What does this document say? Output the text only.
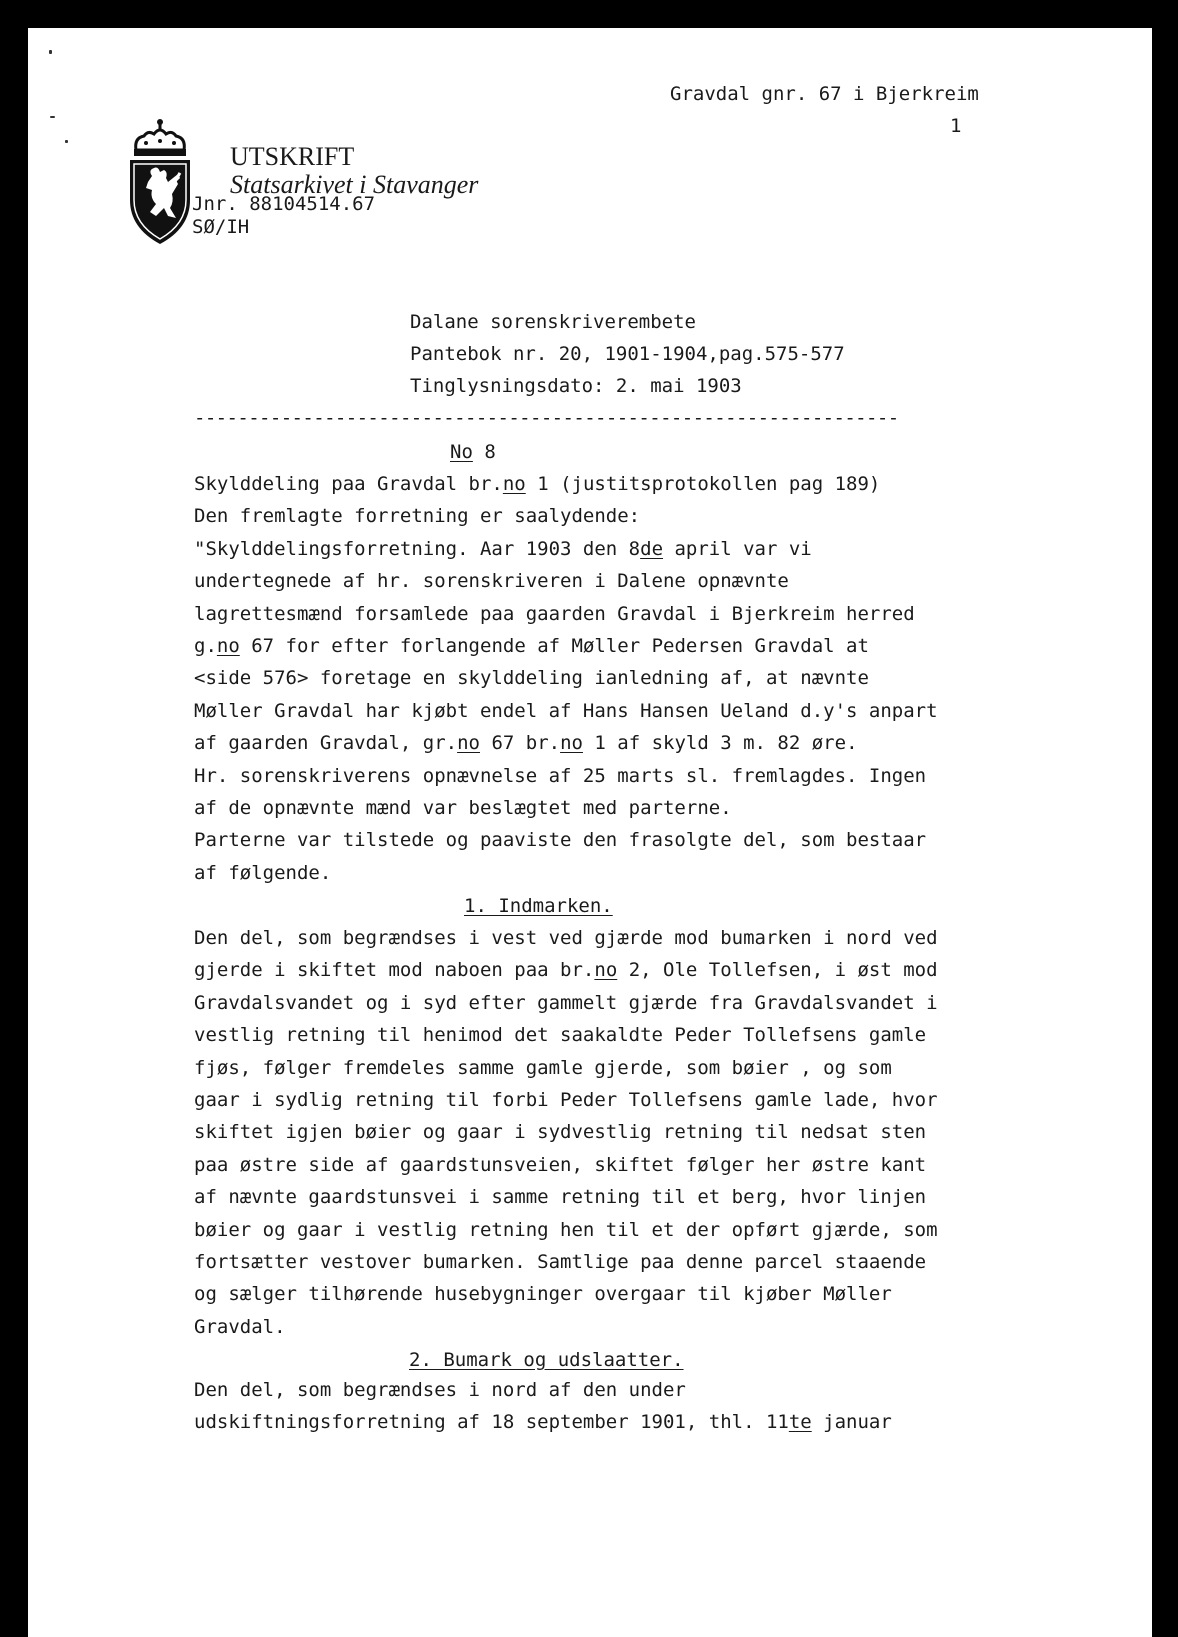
Gravdal gnr. 67 i Bjerkreim
1
UTSKRIFT
Statsarkivet i Stavanger
Jnr. 88104514.67
SØ/IH
Dalane sorenskriverembete
Pantebok nr. 20, 1901-1904,pag.575-577
Tinglysningsdato: 2. mai 1903
-----------------------------------------------------------------
No 8
Skylddeling paa Gravdal br.no 1 (justitsprotokollen pag 189)
Den fremlagte forretning er saalydende:
"Skylddelingsforretning. Aar 1903 den 8de april var vi
undertegnede af hr. sorenskriveren i Dalene opnævnte
lagrettesmænd forsamlede paa gaarden Gravdal i Bjerkreim herred
g.no 67 for efter forlangende af Møller Pedersen Gravdal at
<side 576> foretage en skylddeling ianledning af, at nævnte
Møller Gravdal har kjøbt endel af Hans Hansen Ueland d.y's anpart
af gaarden Gravdal, gr.no 67 br.no 1 af skyld 3 m. 82 øre.
Hr. sorenskriverens opnævnelse af 25 marts sl. fremlagdes. Ingen
af de opnævnte mænd var beslægtet med parterne.
Parterne var tilstede og paaviste den frasolgte del, som bestaar
af følgende.
1. Indmarken.
Den del, som begrændses i vest ved gjærde mod bumarken i nord ved
gjerde i skiftet mod naboen paa br.no 2, Ole Tollefsen, i øst mod
Gravdalsvandet og i syd efter gammelt gjærde fra Gravdalsvandet i
vestlig retning til henimod det saakaldte Peder Tollefsens gamle
fjøs, følger fremdeles samme gamle gjerde, som bøier , og som
gaar i sydlig retning til forbi Peder Tollefsens gamle lade, hvor
skiftet igjen bøier og gaar i sydvestlig retning til nedsat sten
paa østre side af gaardstunsveien, skiftet følger her østre kant
af nævnte gaardstunsvei i samme retning til et berg, hvor linjen
bøier og gaar i vestlig retning hen til et der opført gjærde, som
fortsætter vestover bumarken. Samtlige paa denne parcel staaende
og sælger tilhørende husebygninger overgaar til kjøber Møller
Gravdal.
2. Bumark og udslaatter.
Den del, som begrændses i nord af den under
udskiftningsforretning af 18 september 1901, thl. 11te januar
